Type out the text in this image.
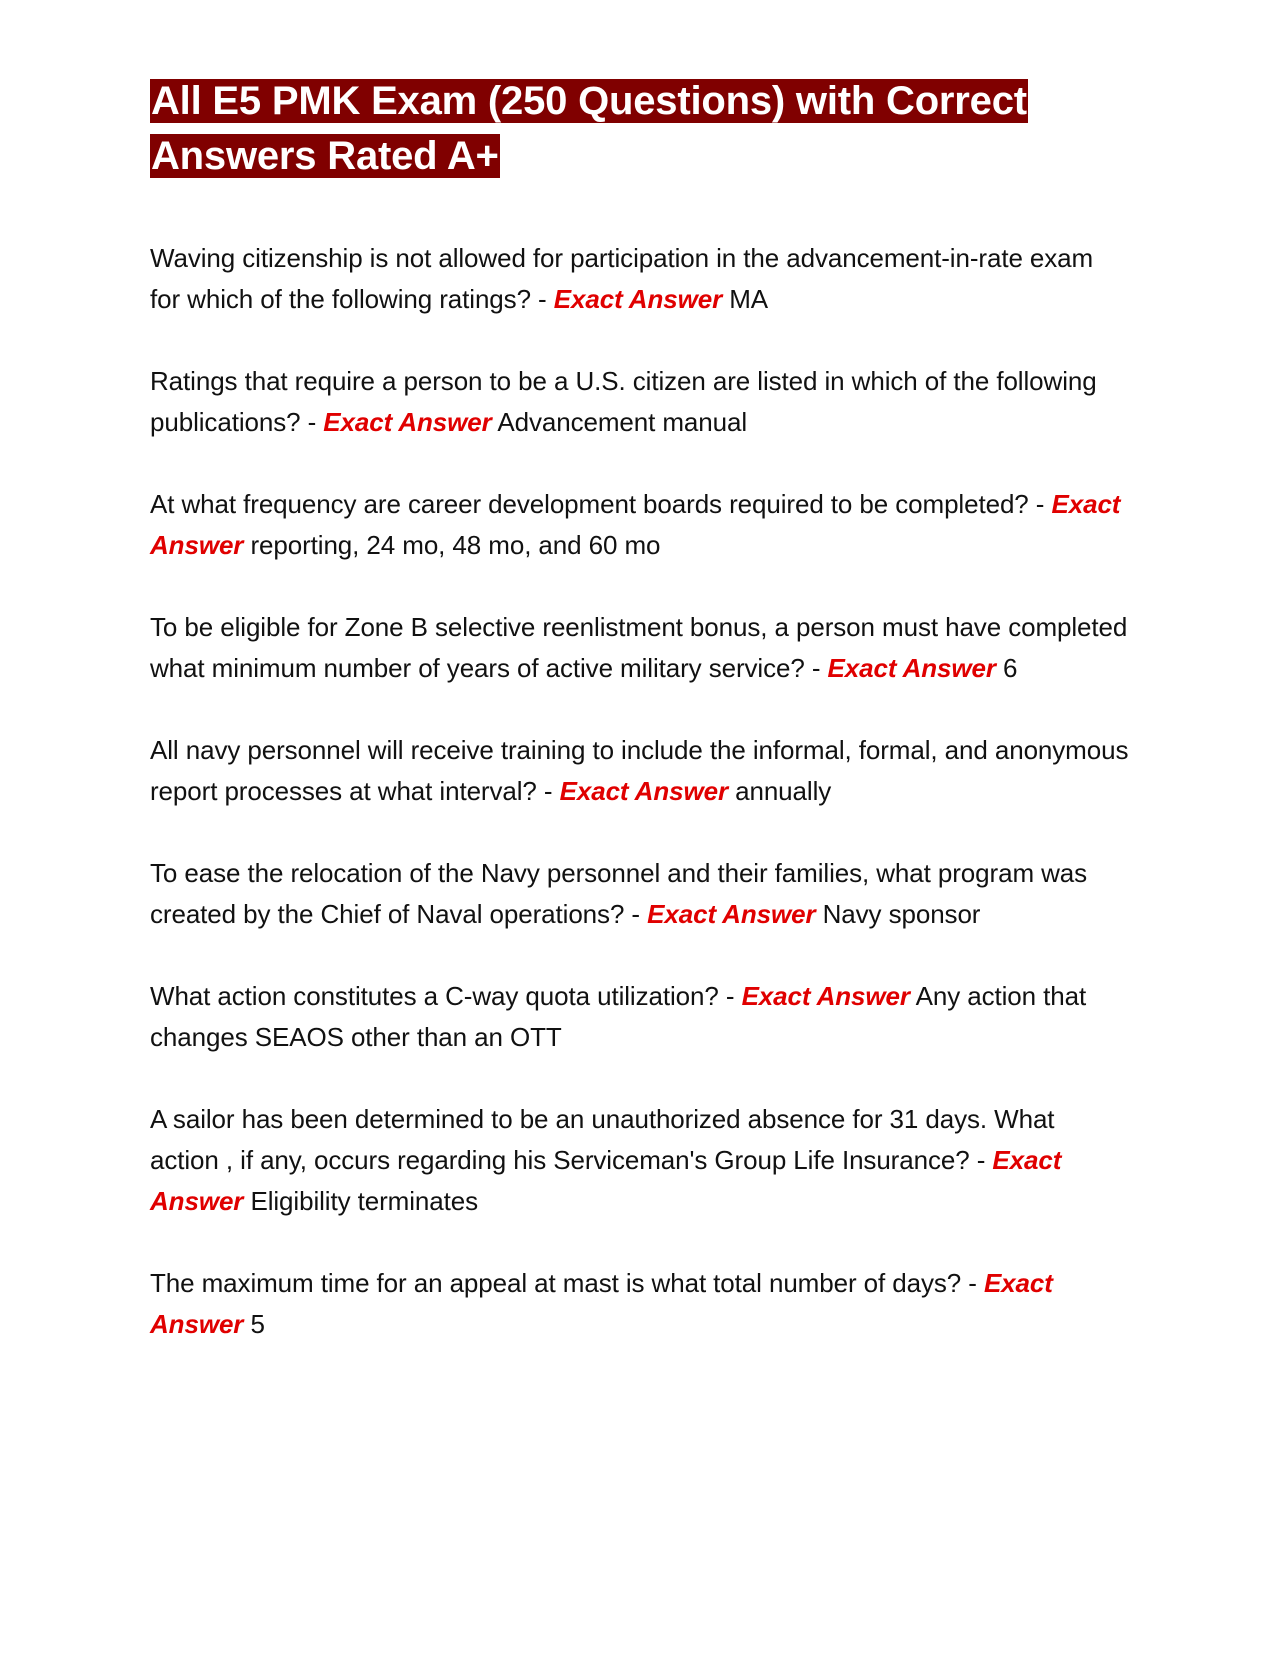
All E5 PMK Exam (250 Questions) with Correct Answers Rated A+

Waving citizenship is not allowed for participation in the advancement-in-rate exam for which of the following ratings? - Exact Answer MA

Ratings that require a person to be a U.S. citizen are listed in which of the following publications? - Exact Answer Advancement manual

At what frequency are career development boards required to be completed? - Exact Answer reporting, 24 mo, 48 mo, and 60 mo

To be eligible for Zone B selective reenlistment bonus, a person must have completed what minimum number of years of active military service? - Exact Answer 6

All navy personnel will receive training to include the informal, formal, and anonymous report processes at what interval? - Exact Answer annually

To ease the relocation of the Navy personnel and their families, what program was created by the Chief of Naval operations? - Exact Answer Navy sponsor

What action constitutes a C-way quota utilization? - Exact Answer Any action that changes SEAOS other than an OTT

A sailor has been determined to be an unauthorized absence for 31 days. What action , if any, occurs regarding his Serviceman's Group Life Insurance? - Exact Answer Eligibility terminates

The maximum time for an appeal at mast is what total number of days? - Exact Answer 5
